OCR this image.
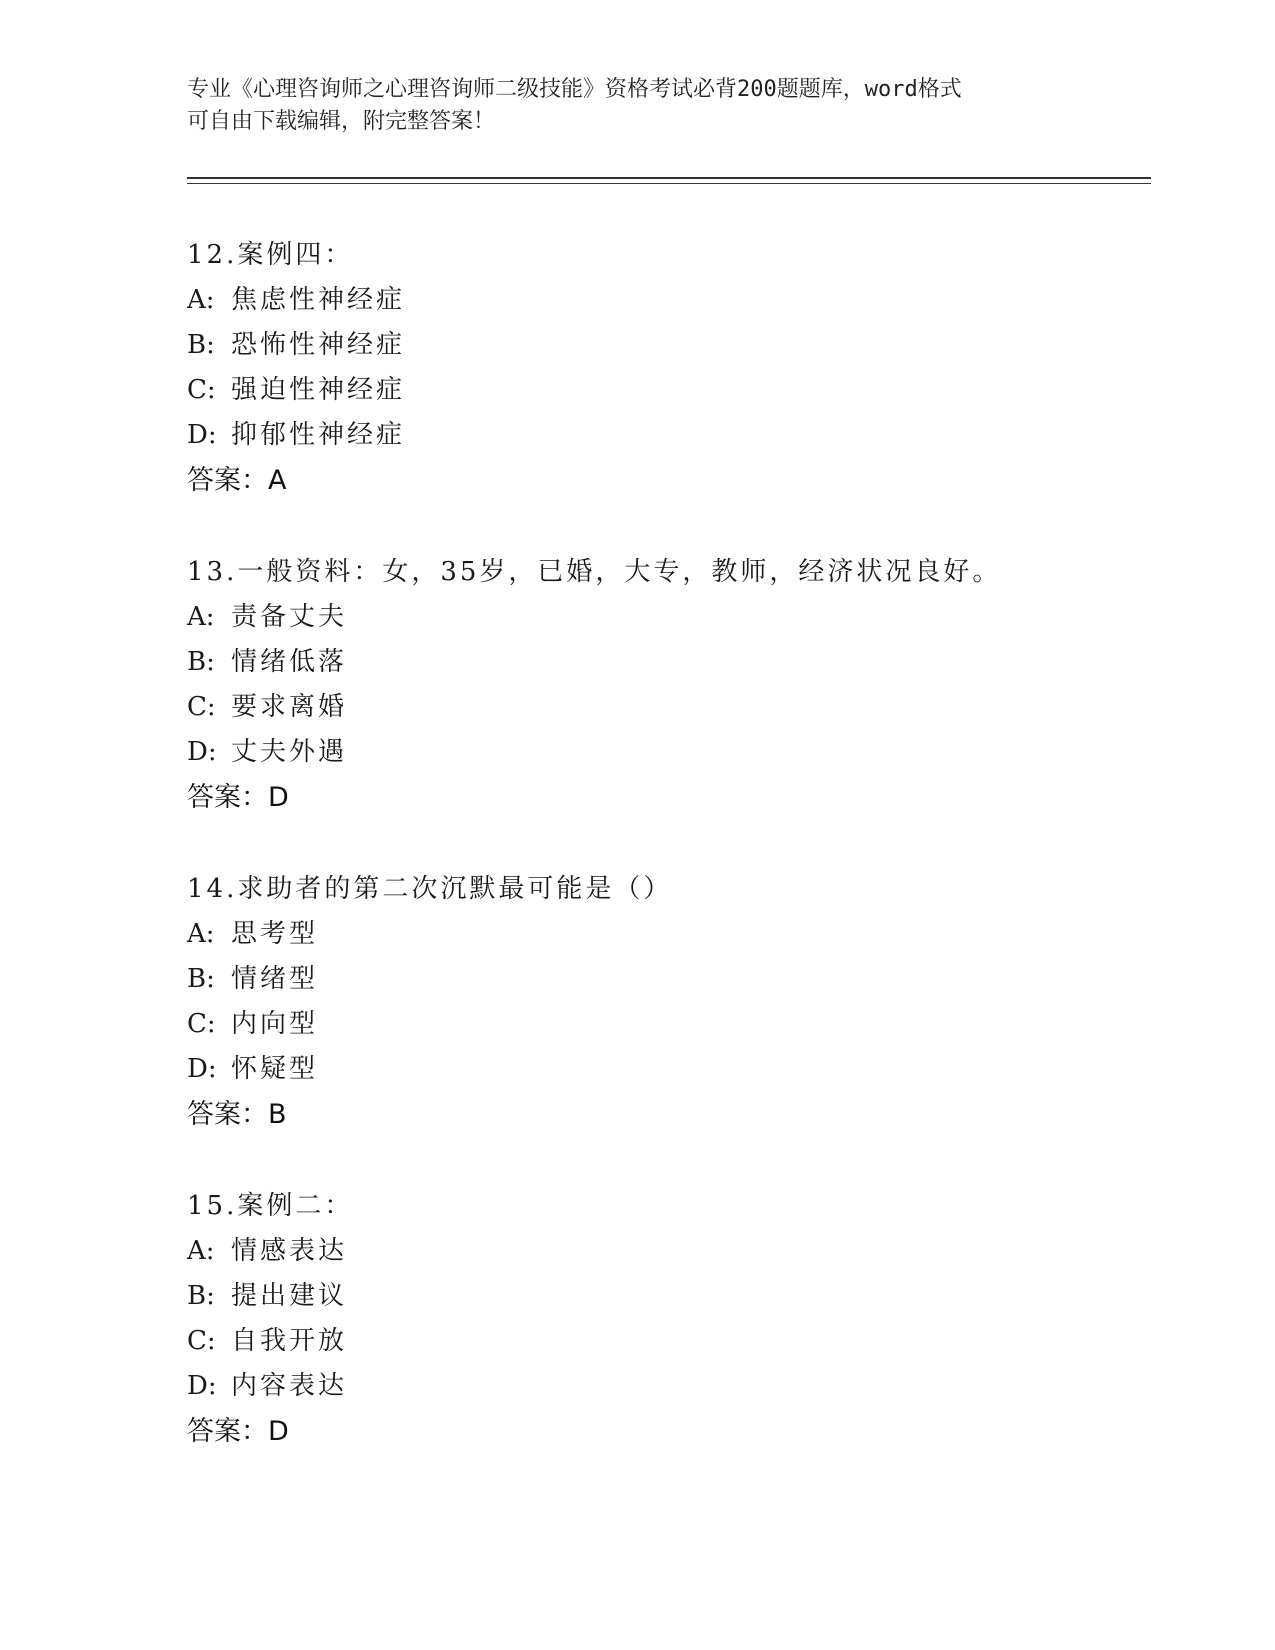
专业《心理咨询师之心理咨询师二级技能》资格考试必背200题题库，word格式
可自由下载编辑，附完整答案！
12.案例四：
A: 焦虑性神经症
B: 恐怖性神经症
C: 强迫性神经症
D: 抑郁性神经症
答案：A
13.一般资料：女，35岁，已婚，大专，教师，经济状况良好。
A: 责备丈夫
B: 情绪低落
C: 要求离婚
D: 丈夫外遇
答案：D
14.求助者的第二次沉默最可能是（）
A: 思考型
B: 情绪型
C: 内向型
D: 怀疑型
答案：B
15.案例二：
A: 情感表达
B: 提出建议
C: 自我开放
D: 内容表达
答案：D
